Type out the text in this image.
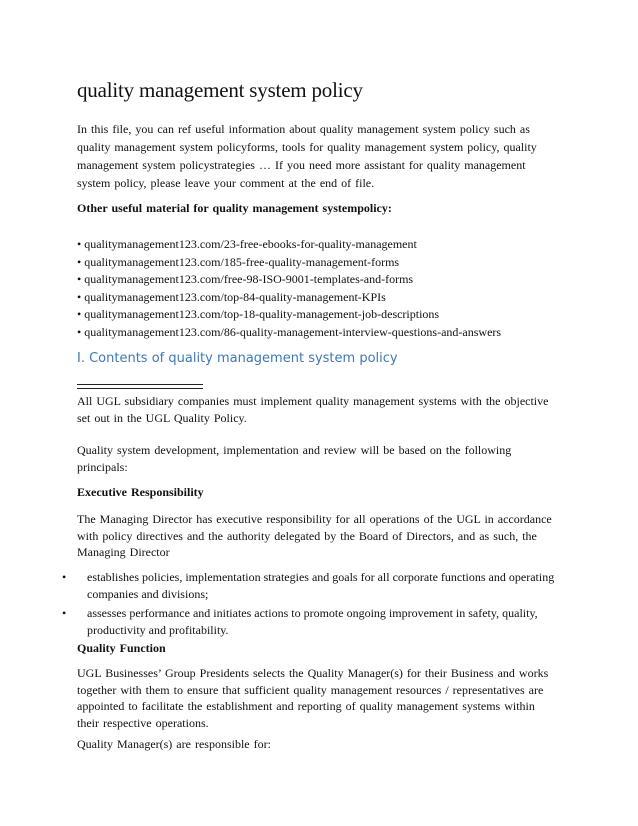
quality management system policy
In this file, you can ref useful information about quality management system policy such as quality management system policyforms, tools for quality management system policy, quality management system policystrategies … If you need more assistant for quality management system policy, please leave your comment at the end of file.
Other useful material for quality management systempolicy:
• qualitymanagement123.com/23-free-ebooks-for-quality-management
• qualitymanagement123.com/185-free-quality-management-forms
• qualitymanagement123.com/free-98-ISO-9001-templates-and-forms
• qualitymanagement123.com/top-84-quality-management-KPIs
• qualitymanagement123.com/top-18-quality-management-job-descriptions
• qualitymanagement123.com/86-quality-management-interview-questions-and-answers
I. Contents of quality management system policy
All UGL subsidiary companies must implement quality management systems with the objective set out in the UGL Quality Policy.
Quality system development, implementation and review will be based on the following principals:
Executive Responsibility
The Managing Director has executive responsibility for all operations of the UGL in accordance with policy directives and the authority delegated by the Board of Directors, and as such, the Managing Director
• establishes policies, implementation strategies and goals for all corporate functions and operating companies and divisions;
• assesses performance and initiates actions to promote ongoing improvement in safety, quality, productivity and profitability.
Quality Function
UGL Businesses’ Group Presidents selects the Quality Manager(s) for their Business and works together with them to ensure that sufficient quality management resources / representatives are appointed to facilitate the establishment and reporting of quality management systems within their respective operations.
Quality Manager(s) are responsible for:
